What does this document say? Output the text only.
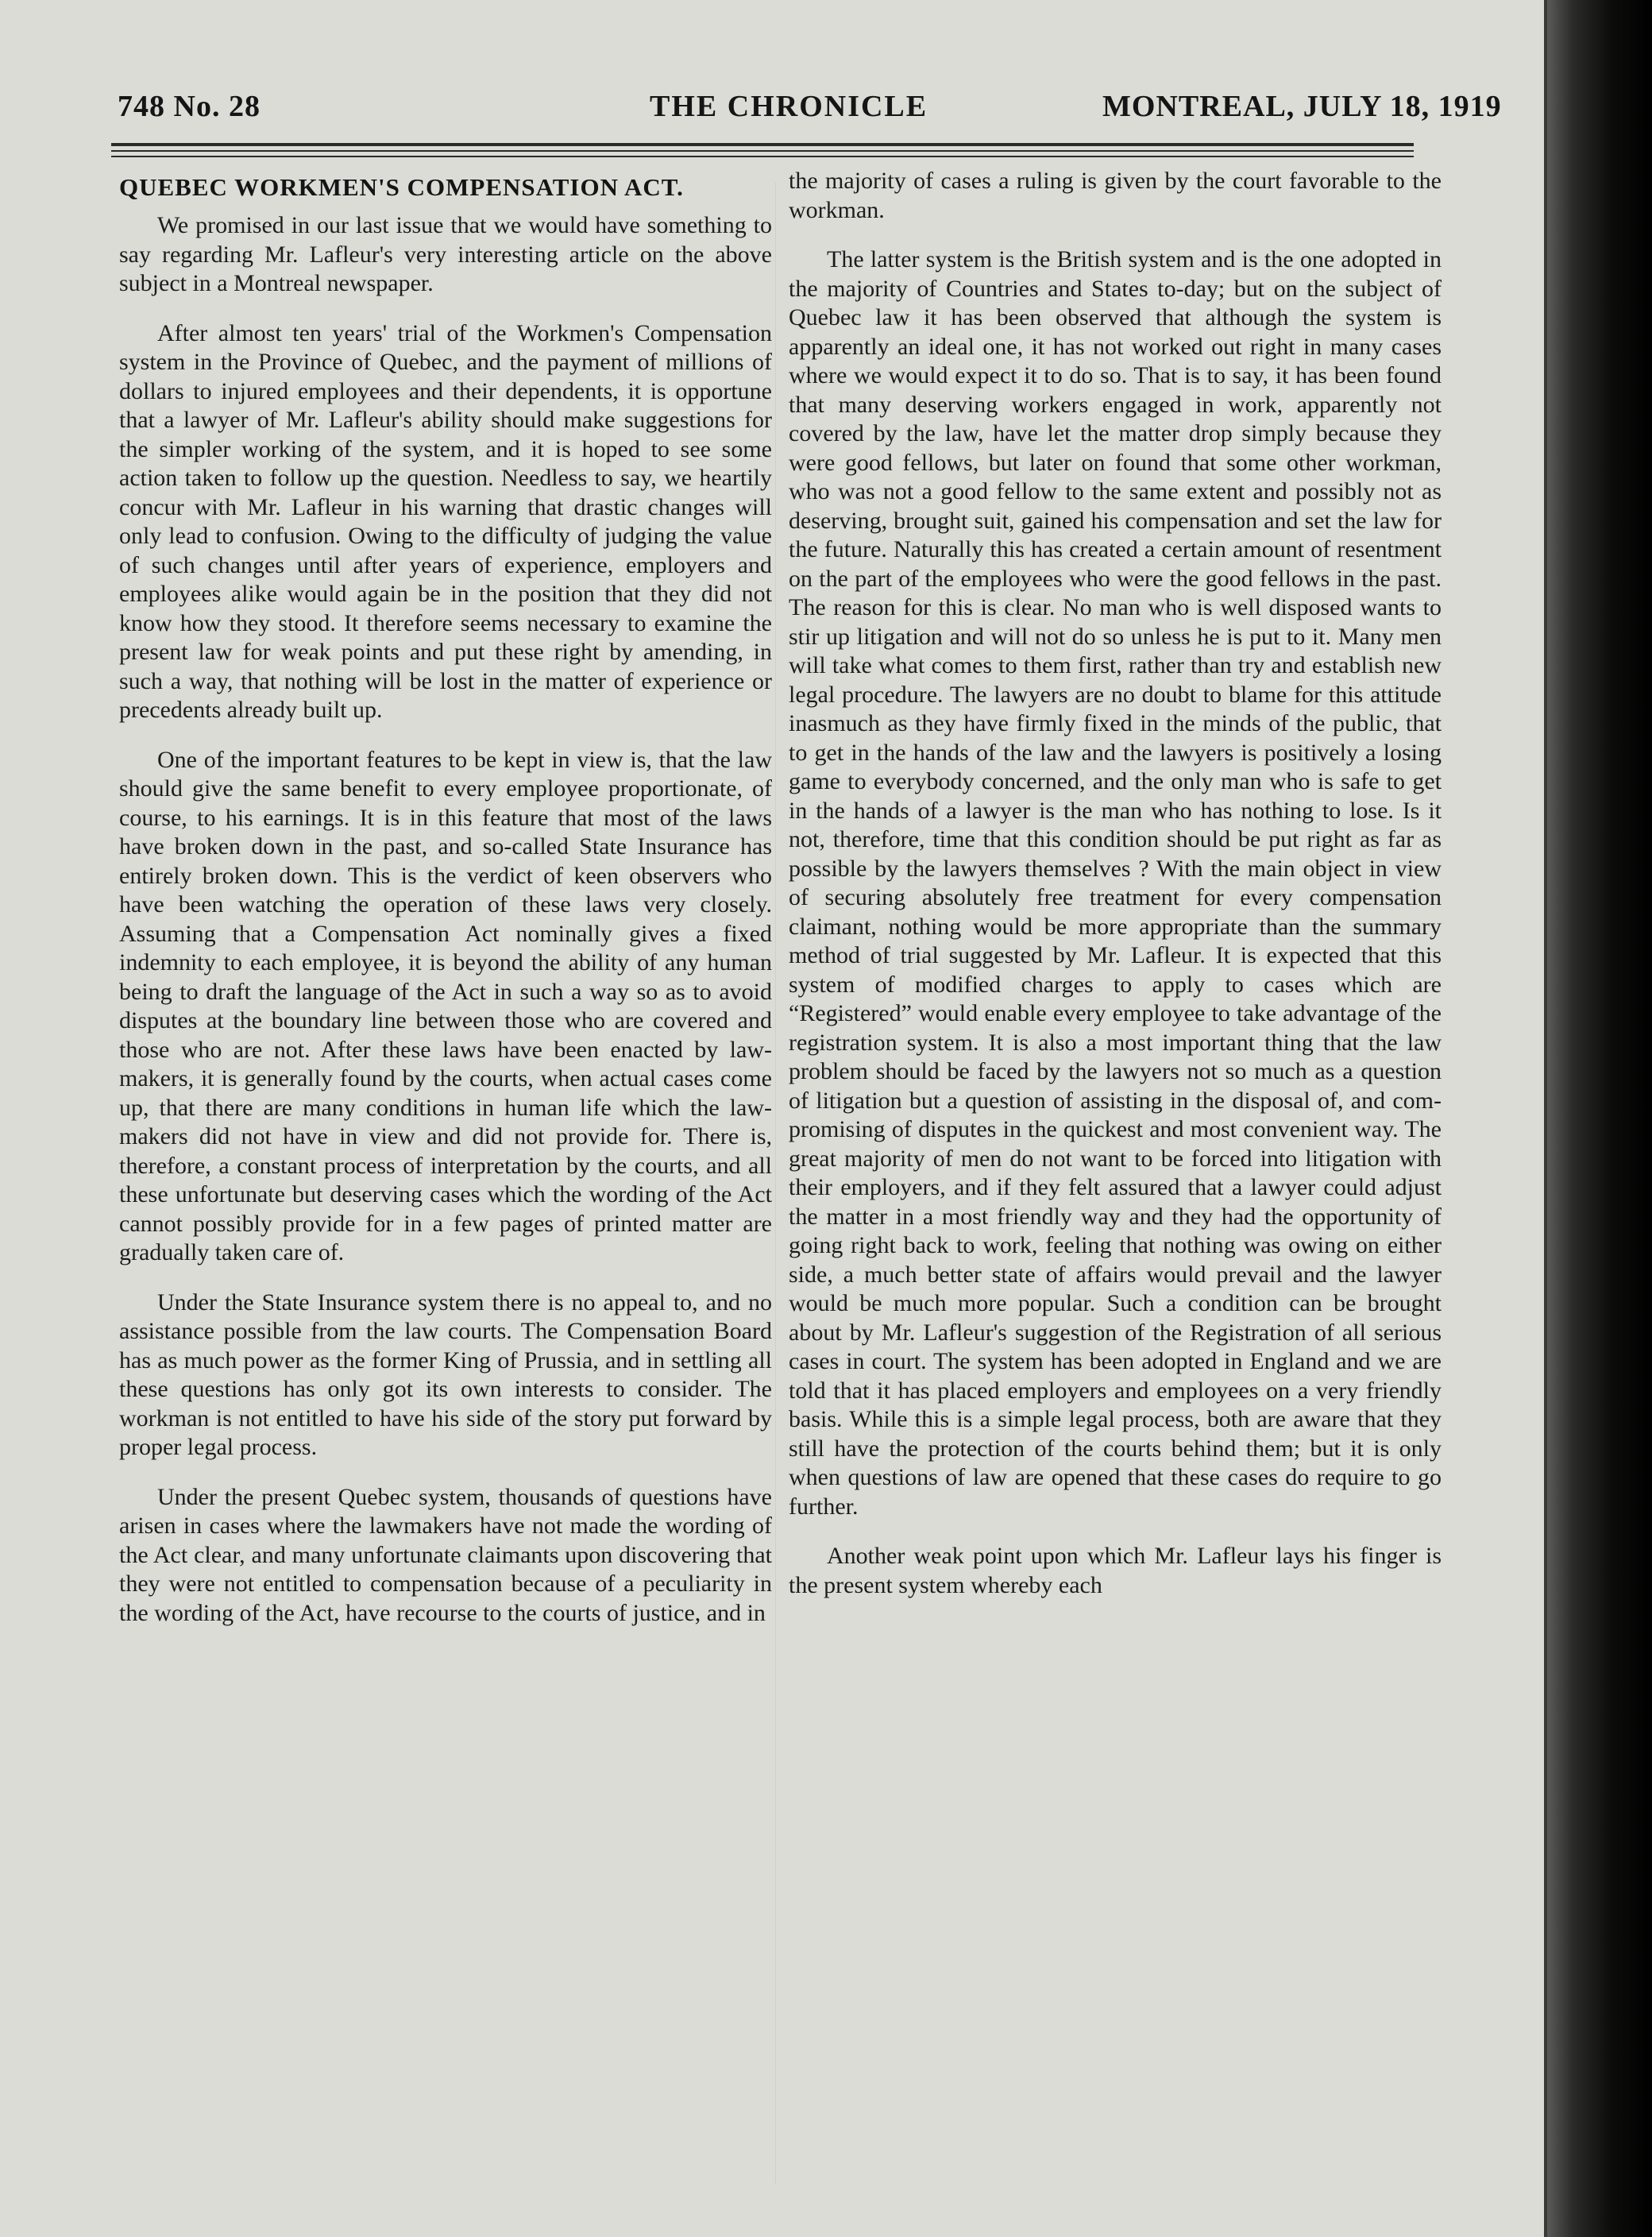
748 No. 28	THE CHRONICLE	MONTREAL, JULY 18, 1919
QUEBEC WORKMEN'S COMPENSATION ACT.

We promised in our last issue that we would have something to say regarding Mr. Lafleur's very interesting article on the above subject in a Montreal newspaper.

After almost ten years' trial of the Workmen's Compensation system in the Province of Quebec, and the payment of millions of dollars to injured employees and their dependents, it is opportune that a lawyer of Mr. Lafleur's ability should make suggestions for the simpler working of the system, and it is hoped to see some action taken to follow up the question. Needless to say, we heartily concur with Mr. Lafleur in his warning that drastic changes will only lead to confusion. Owing to the difficulty of judging the value of such changes until after years of experience, employers and employees alike would again be in the position that they did not know how they stood. It therefore seems necessary to examine the present law for weak points and put these right by amending, in such a way, that nothing will be lost in the matter of experience or precedents already built up.

One of the important features to be kept in view is, that the law should give the same benefit to every employee proportionate, of course, to his earnings. It is in this feature that most of the laws have broken down in the past, and so-called State Insurance has entirely broken down. This is the verdict of keen observers who have been watching the operation of these laws very closely. Assuming that a Compensation Act nominally gives a fixed indemnity to each employee, it is beyond the ability of any human being to draft the language of the Act in such a way so as to avoid disputes at the boundary line between those who are covered and those who are not. After these laws have been enacted by law-makers, it is generally found by the courts, when actual cases come up, that there are many conditions in human life which the law-makers did not have in view and did not provide for. There is, therefore, a constant process of interpretation by the courts, and all these unfortunate but deserving cases which the wording of the Act cannot possibly provide for in a few pages of printed matter are gradually taken care of.

Under the State Insurance system there is no appeal to, and no assistance possible from the law courts. The Compensation Board has as much power as the former King of Prussia, and in settling all these questions has only got its own interests to consider. The workman is not entitled to have his side of the story put forward by proper legal process.

Under the present Quebec system, thousands of questions have arisen in cases where the lawmakers have not made the wording of the Act clear, and many unfortunate claimants upon discovering that they were not entitled to compensation because of a peculiarity in the wording of the Act, have recourse to the courts of justice, and in

the majority of cases a ruling is given by the court favorable to the workman.

The latter system is the British system and is the one adopted in the majority of Countries and States to-day; but on the subject of Quebec law it has been observed that although the system is apparently an ideal one, it has not worked out right in many cases where we would expect it to do so. That is to say, it has been found that many deserving workers engaged in work, apparently not covered by the law, have let the matter drop simply because they were good fellows, but later on found that some other workman, who was not a good fellow to the same extent and possibly not as deserving, brought suit, gained his compensation and set the law for the future. Naturally this has created a certain amount of resentment on the part of the employees who were the good fellows in the past. The reason for this is clear. No man who is well disposed wants to stir up litigation and will not do so unless he is put to it. Many men will take what comes to them first, rather than try and establish new legal procedure. The lawyers are no doubt to blame for this attitude inasmuch as they have firmly fixed in the minds of the public, that to get in the hands of the law and the lawyers is positively a losing game to everybody concerned, and the only man who is safe to get in the hands of a lawyer is the man who has nothing to lose. Is it not, therefore, time that this condition should be put right as far as possible by the lawyers themselves ? With the main object in view of securing absolutely free treatment for every compensation claimant, nothing would be more appropriate than the summary method of trial suggested by Mr. Lafleur. It is expected that this system of modified charges to apply to cases which are “Registered” would enable every employee to take advantage of the registration system. It is also a most important thing that the law problem should be faced by the lawyers not so much as a question of litigation but a question of assisting in the disposal of, and compromising of disputes in the quickest and most convenient way. The great majority of men do not want to be forced into litigation with their employers, and if they felt assured that a lawyer could adjust the matter in a most friendly way and they had the opportunity of going right back to work, feeling that nothing was owing on either side, a much better state of affairs would prevail and the lawyer would be much more popular. Such a condition can be brought about by Mr. Lafleur's suggestion of the Registration of all serious cases in court. The system has been adopted in England and we are told that it has placed employers and employees on a very friendly basis. While this is a simple legal process, both are aware that they still have the protection of the courts behind them; but it is only when questions of law are opened that these cases do require to go further.

Another weak point upon which Mr. Lafleur lays his finger is the present system whereby each
